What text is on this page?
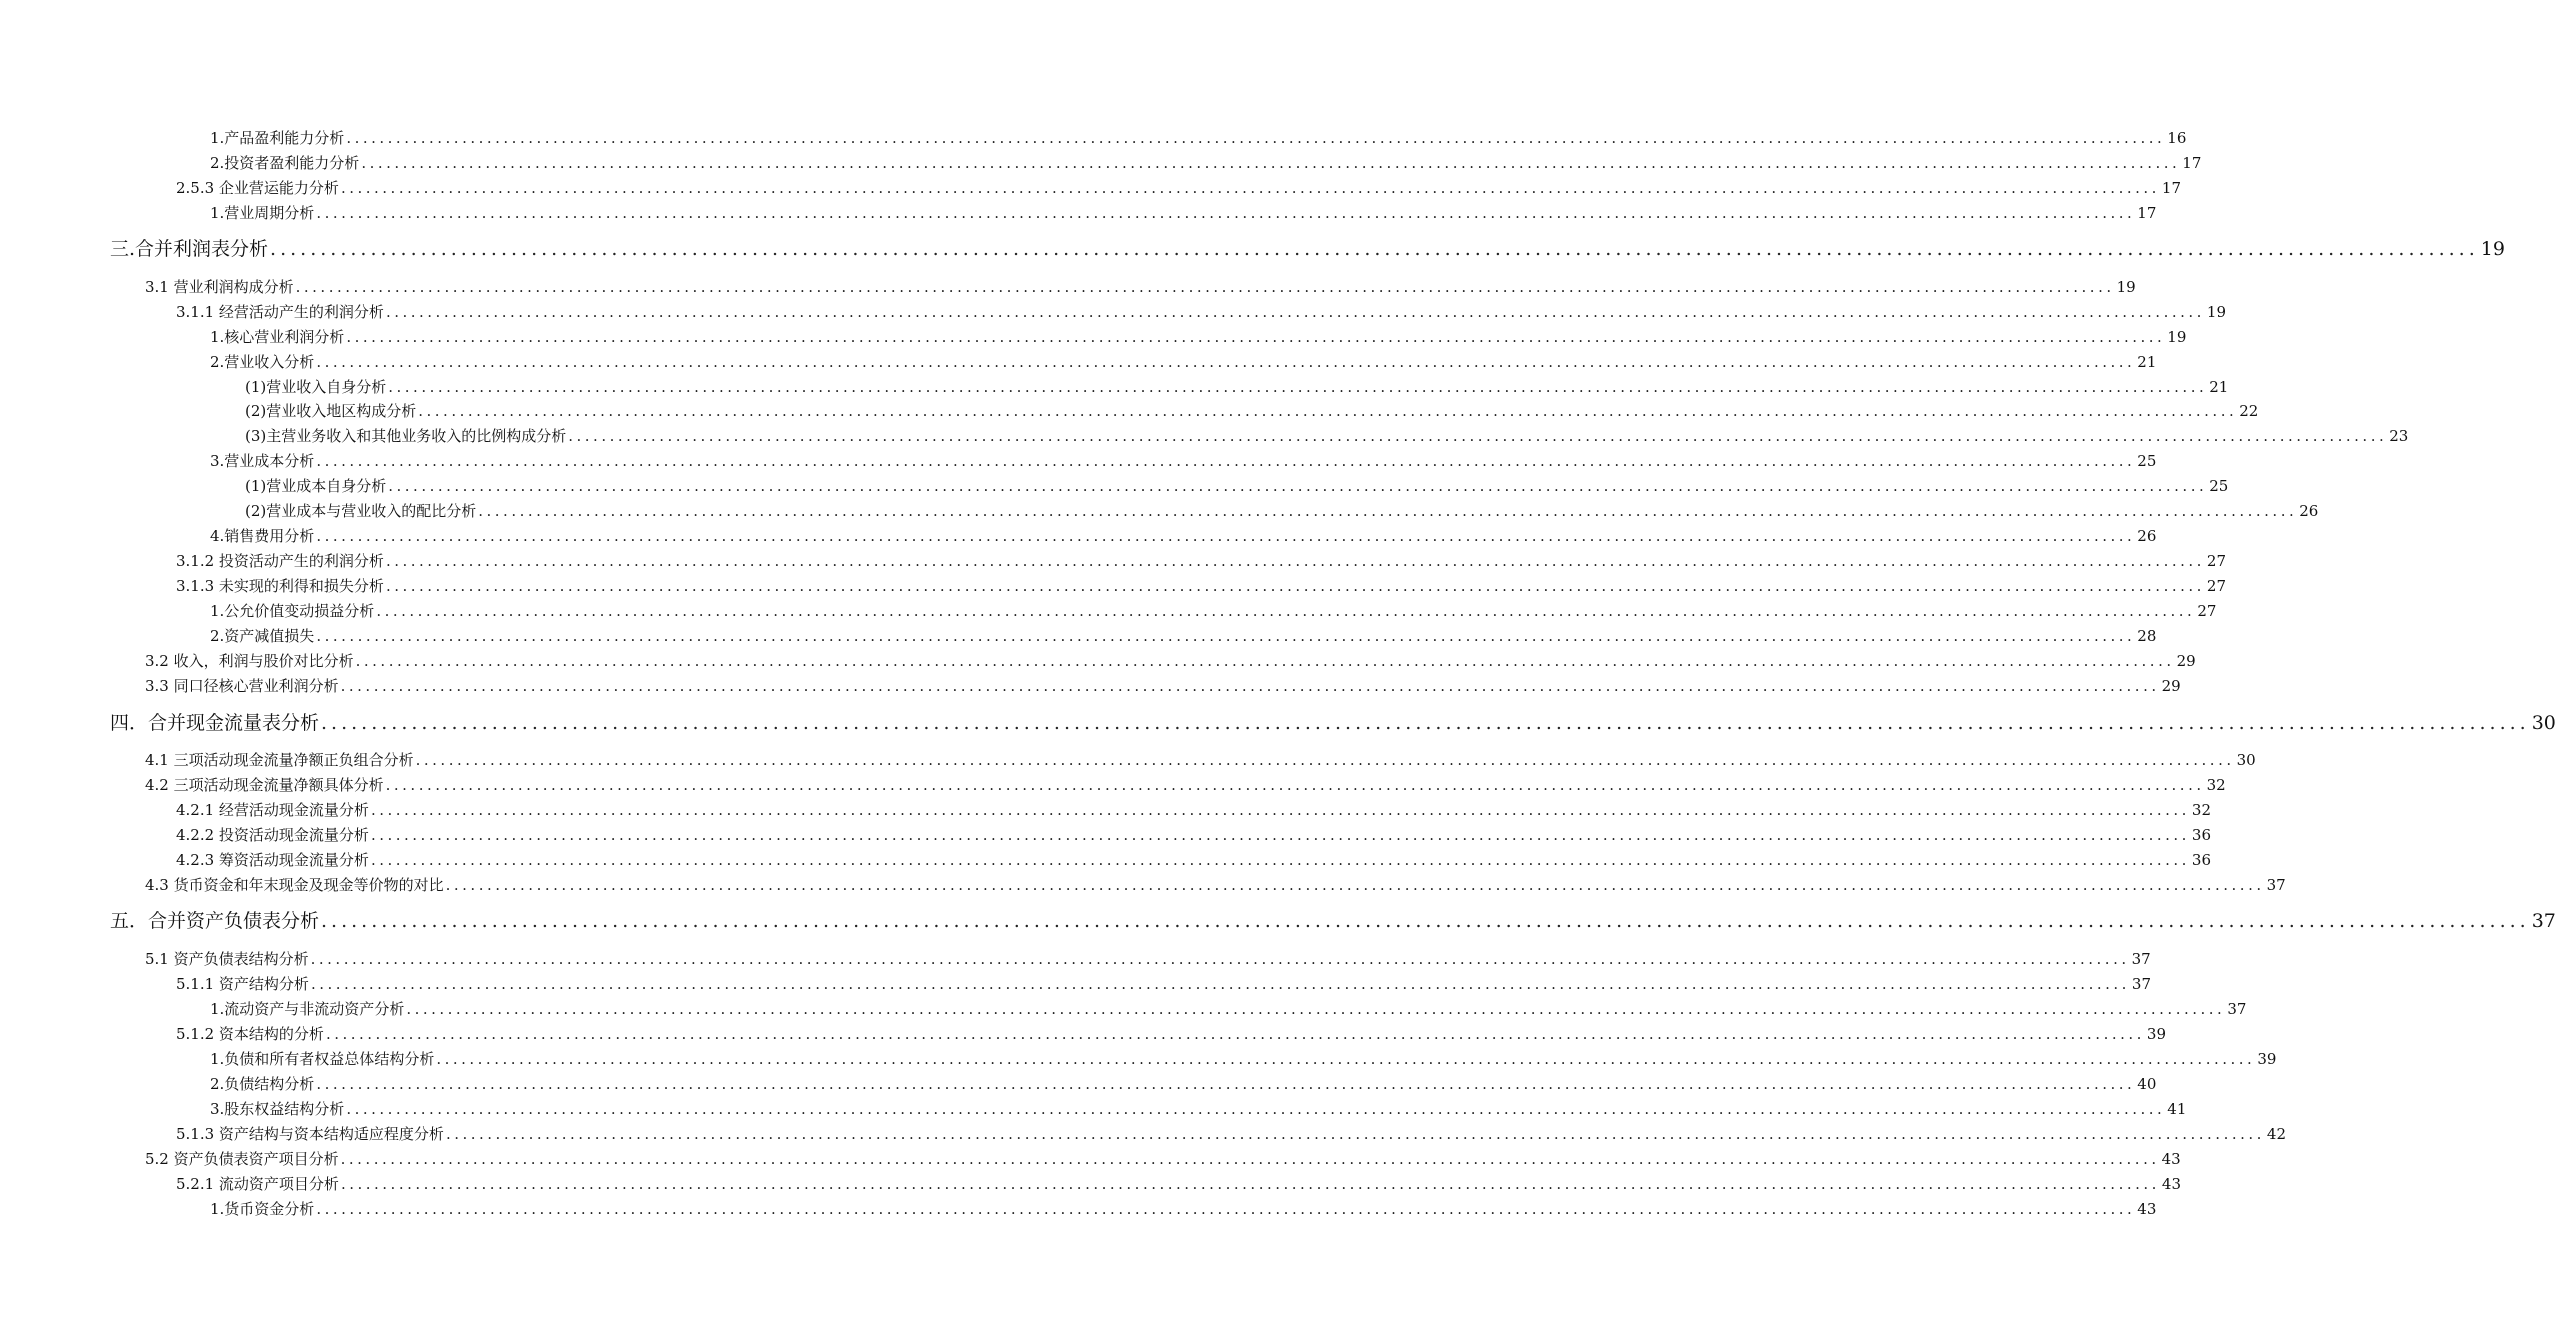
1.产品盈利能力分析 ............................................................................................................................................................................................................................ 16
2.投资者盈利能力分析 ............................................................................................................................................................................................................................ 17
2.5.3 企业营运能力分析 ............................................................................................................................................................................................................................ 17
1.营业周期分析 ............................................................................................................................................................................................................................ 17
三.合并利润表分析 ............................................................................................................................................................................................................................ 19
3.1 营业利润构成分析 ............................................................................................................................................................................................................................ 19
3.1.1 经营活动产生的利润分析 ............................................................................................................................................................................................................................ 19
1.核心营业利润分析 ............................................................................................................................................................................................................................ 19
2.营业收入分析 ............................................................................................................................................................................................................................ 21
(1)营业收入自身分析 ............................................................................................................................................................................................................................ 21
(2)营业收入地区构成分析 ............................................................................................................................................................................................................................ 22
(3)主营业务收入和其他业务收入的比例构成分析 ............................................................................................................................................................................................................................ 23
3.营业成本分析 ............................................................................................................................................................................................................................ 25
(1)营业成本自身分析 ............................................................................................................................................................................................................................ 25
(2)营业成本与营业收入的配比分析 ............................................................................................................................................................................................................................ 26
4.销售费用分析 ............................................................................................................................................................................................................................ 26
3.1.2 投资活动产生的利润分析 ............................................................................................................................................................................................................................ 27
3.1.3 未实现的利得和损失分析 ............................................................................................................................................................................................................................ 27
1.公允价值变动损益分析 ............................................................................................................................................................................................................................ 27
2.资产减值损失 ............................................................................................................................................................................................................................ 28
3.2 收入，利润与股价对比分析 ............................................................................................................................................................................................................................ 29
3.3 同口径核心营业利润分析 ............................................................................................................................................................................................................................ 29
四．合并现金流量表分析 ............................................................................................................................................................................................................................ 30
4.1 三项活动现金流量净额正负组合分析 ............................................................................................................................................................................................................................ 30
4.2 三项活动现金流量净额具体分析 ............................................................................................................................................................................................................................ 32
4.2.1 经营活动现金流量分析 ............................................................................................................................................................................................................................ 32
4.2.2 投资活动现金流量分析 ............................................................................................................................................................................................................................ 36
4.2.3 筹资活动现金流量分析 ............................................................................................................................................................................................................................ 36
4.3 货币资金和年末现金及现金等价物的对比 ............................................................................................................................................................................................................................ 37
五．合并资产负债表分析 ............................................................................................................................................................................................................................ 37
5.1 资产负债表结构分析 ............................................................................................................................................................................................................................ 37
5.1.1 资产结构分析 ............................................................................................................................................................................................................................ 37
1.流动资产与非流动资产分析 ............................................................................................................................................................................................................................ 37
5.1.2 资本结构的分析 ............................................................................................................................................................................................................................ 39
1.负债和所有者权益总体结构分析 ............................................................................................................................................................................................................................ 39
2.负债结构分析 ............................................................................................................................................................................................................................ 40
3.股东权益结构分析 ............................................................................................................................................................................................................................ 41
5.1.3 资产结构与资本结构适应程度分析 ............................................................................................................................................................................................................................ 42
5.2 资产负债表资产项目分析 ............................................................................................................................................................................................................................ 43
5.2.1 流动资产项目分析 ............................................................................................................................................................................................................................ 43
1.货币资金分析 ............................................................................................................................................................................................................................ 43
